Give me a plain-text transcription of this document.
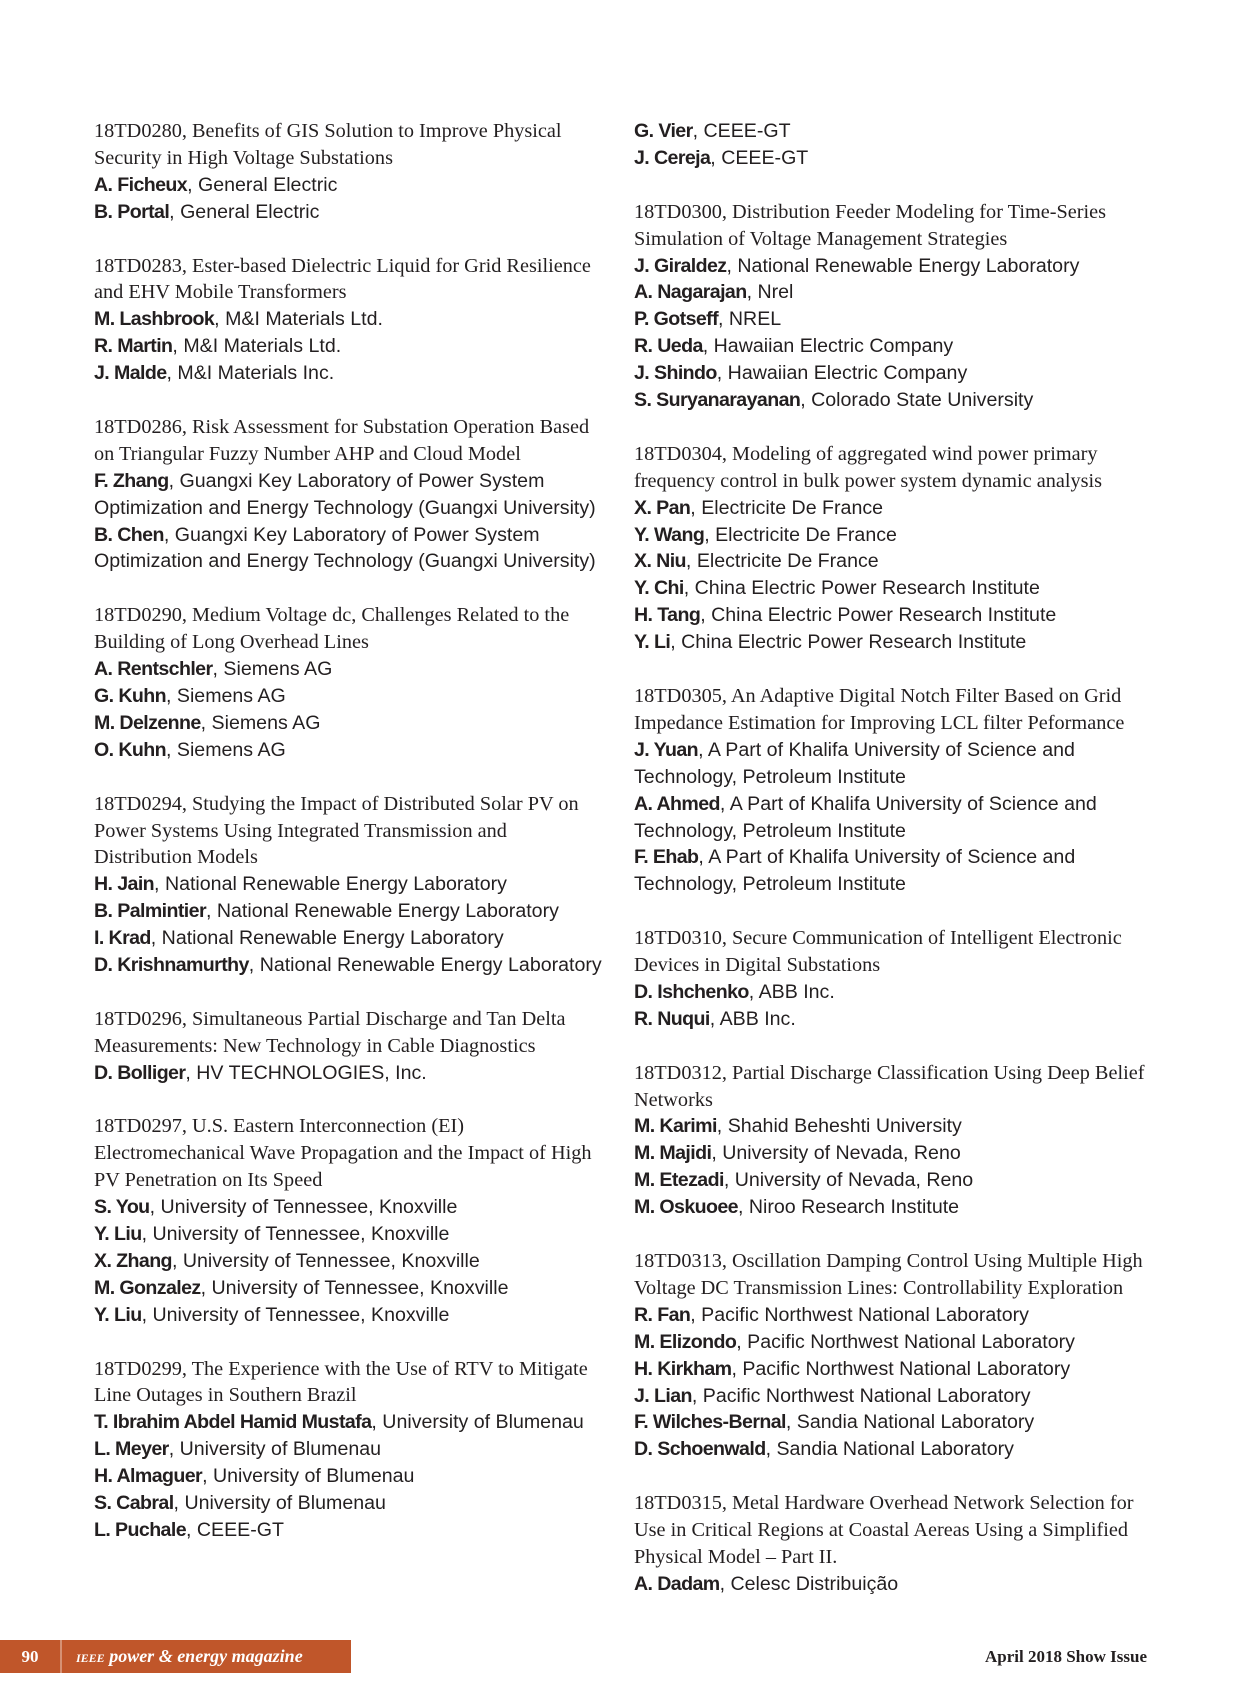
18TD0280, Benefits of GIS Solution to Improve Physical Security in High Voltage Substations
A. Ficheux, General Electric
B. Portal, General Electric
18TD0283, Ester-based Dielectric Liquid for Grid Resilience and EHV Mobile Transformers
M. Lashbrook, M&I Materials Ltd.
R. Martin, M&I Materials Ltd.
J. Malde, M&I Materials Inc.
18TD0286, Risk Assessment for Substation Operation Based on Triangular Fuzzy Number AHP and Cloud Model
F. Zhang, Guangxi Key Laboratory of Power System Optimization and Energy Technology (Guangxi University)
B. Chen, Guangxi Key Laboratory of Power System Optimization and Energy Technology (Guangxi University)
18TD0290, Medium Voltage dc, Challenges Related to the Building of Long Overhead Lines
A. Rentschler, Siemens AG
G. Kuhn, Siemens AG
M. Delzenne, Siemens AG
O. Kuhn, Siemens AG
18TD0294, Studying the Impact of Distributed Solar PV on Power Systems Using Integrated Transmission and Distribution Models
H. Jain, National Renewable Energy Laboratory
B. Palmintier, National Renewable Energy Laboratory
I. Krad, National Renewable Energy Laboratory
D. Krishnamurthy, National Renewable Energy Laboratory
18TD0296, Simultaneous Partial Discharge and Tan Delta Measurements: New Technology in Cable Diagnostics
D. Bolliger, HV TECHNOLOGIES, Inc.
18TD0297, U.S. Eastern Interconnection (EI) Electromechanical Wave Propagation and the Impact of High PV Penetration on Its Speed
S. You, University of Tennessee, Knoxville
Y. Liu, University of Tennessee, Knoxville
X. Zhang, University of Tennessee, Knoxville
M. Gonzalez, University of Tennessee, Knoxville
Y. Liu, University of Tennessee, Knoxville
18TD0299, The Experience with the Use of RTV to Mitigate Line Outages in Southern Brazil
T. Ibrahim Abdel Hamid Mustafa, University of Blumenau
L. Meyer, University of Blumenau
H. Almaguer, University of Blumenau
S. Cabral, University of Blumenau
L. Puchale, CEEE-GT
G. Vier, CEEE-GT
J. Cereja, CEEE-GT
18TD0300, Distribution Feeder Modeling for Time-Series Simulation of Voltage Management Strategies
J. Giraldez, National Renewable Energy Laboratory
A. Nagarajan, Nrel
P. Gotseff, NREL
R. Ueda, Hawaiian Electric Company
J. Shindo, Hawaiian Electric Company
S. Suryanarayanan, Colorado State University
18TD0304, Modeling of aggregated wind power primary frequency control in bulk power system dynamic analysis
X. Pan, Electricite De France
Y. Wang, Electricite De France
X. Niu, Electricite De France
Y. Chi, China Electric Power Research Institute
H. Tang, China Electric Power Research Institute
Y. Li, China Electric Power Research Institute
18TD0305, An Adaptive Digital Notch Filter Based on Grid Impedance Estimation for Improving LCL filter Peformance
J. Yuan, A Part of Khalifa University of Science and Technology, Petroleum Institute
A. Ahmed, A Part of Khalifa University of Science and Technology, Petroleum Institute
F. Ehab, A Part of Khalifa University of Science and Technology, Petroleum Institute
18TD0310, Secure Communication of Intelligent Electronic Devices in Digital Substations
D. Ishchenko, ABB Inc.
R. Nuqui, ABB Inc.
18TD0312, Partial Discharge Classification Using Deep Belief Networks
M. Karimi, Shahid Beheshti University
M. Majidi, University of Nevada, Reno
M. Etezadi, University of Nevada, Reno
M. Oskuoee, Niroo Research Institute
18TD0313, Oscillation Damping Control Using Multiple High Voltage DC Transmission Lines: Controllability Exploration
R. Fan, Pacific Northwest National Laboratory
M. Elizondo, Pacific Northwest National Laboratory
H. Kirkham, Pacific Northwest National Laboratory
J. Lian, Pacific Northwest National Laboratory
F. Wilches-Bernal, Sandia National Laboratory
D. Schoenwald, Sandia National Laboratory
18TD0315, Metal Hardware Overhead Network Selection for Use in Critical Regions at Coastal Aereas Using a Simplified Physical Model – Part II.
A. Dadam, Celesc Distribuição
90	IEEE power & energy magazine	April 2018 Show Issue
